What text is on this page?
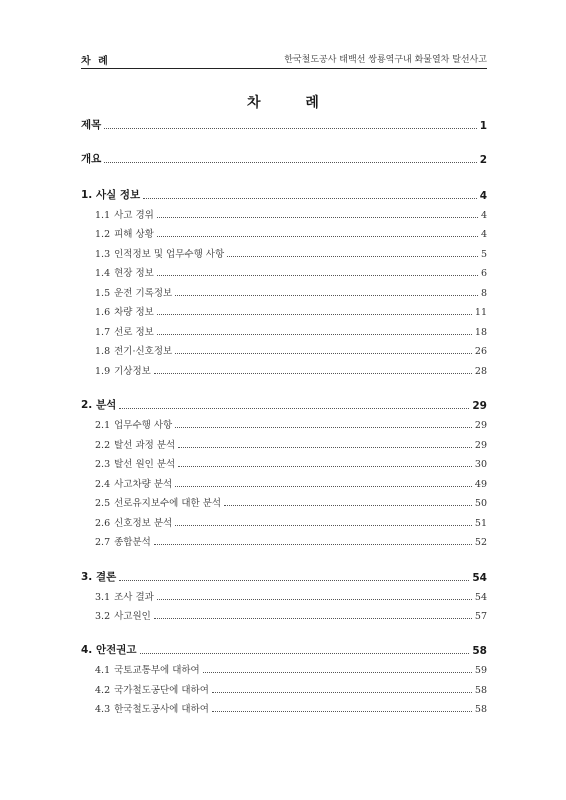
차 례	한국철도공사 태백선 쌍룡역구내 화물열차 탈선사고
차 례
제목	1
개요	2
1. 사실 정보	4
1.1 사고 경위	4
1.2 피해 상황	4
1.3 인적정보 및 업무수행 사항	5
1.4 현장 정보	6
1.5 운전 기록정보	8
1.6 차량 정보	11
1.7 선로 정보	18
1.8 전기·신호정보	26
1.9 기상정보	28
2. 분석	29
2.1 업무수행 사항	29
2.2 탈선 과정 분석	29
2.3 탈선 원인 분석	30
2.4 사고차량 분석	49
2.5 선로유지보수에 대한 분석	50
2.6 신호정보 분석	51
2.7 종합분석	52
3. 결론	54
3.1 조사 결과	54
3.2 사고원인	57
4. 안전권고	58
4.1 국토교통부에 대하여	59
4.2 국가철도공단에 대하여	58
4.3 한국철도공사에 대하여	58
